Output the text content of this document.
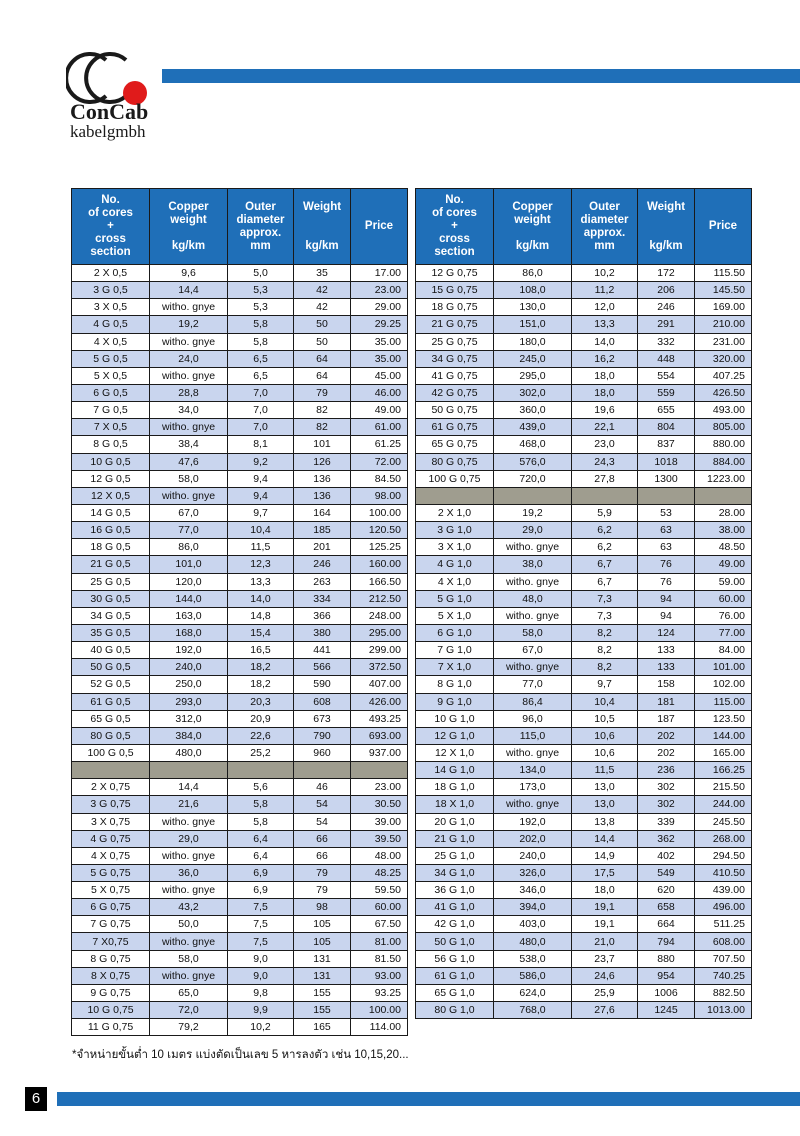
ConCab
kabelgmbh
No.
of cores
+
cross
section	Copper weight

kg/km	Outer
diameter
approx.
mm	Weight

kg/km	Price
2 X 0,5	9,6	5,0	35	17.00
3 G 0,5	14,4	5,3	42	23.00
3 X 0,5	witho. gnye	5,3	42	29.00
4 G 0,5	19,2	5,8	50	29.25
4 X 0,5	witho. gnye	5,8	50	35.00
5 G 0,5	24,0	6,5	64	35.00
5 X 0,5	witho. gnye	6,5	64	45.00
6 G 0,5	28,8	7,0	79	46.00
7 G 0,5	34,0	7,0	82	49.00
7 X 0,5	witho. gnye	7,0	82	61.00
8 G 0,5	38,4	8,1	101	61.25
10 G 0,5	47,6	9,2	126	72.00
12 G 0,5	58,0	9,4	136	84.50
12 X 0,5	witho. gnye	9,4	136	98.00
14 G 0,5	67,0	9,7	164	100.00
16 G 0,5	77,0	10,4	185	120.50
18 G 0,5	86,0	11,5	201	125.25
21 G 0,5	101,0	12,3	246	160.00
25 G 0,5	120,0	13,3	263	166.50
30 G 0,5	144,0	14,0	334	212.50
34 G 0,5	163,0	14,8	366	248.00
35 G 0,5	168,0	15,4	380	295.00
40 G 0,5	192,0	16,5	441	299.00
50 G 0,5	240,0	18,2	566	372.50
52 G 0,5	250,0	18,2	590	407.00
61 G 0,5	293,0	20,3	608	426.00
65 G 0,5	312,0	20,9	673	493.25
80 G 0,5	384,0	22,6	790	693.00
100 G 0,5	480,0	25,2	960	937.00

2 X 0,75	14,4	5,6	46	23.00
3 G 0,75	21,6	5,8	54	30.50
3 X 0,75	witho. gnye	5,8	54	39.00
4 G 0,75	29,0	6,4	66	39.50
4 X 0,75	witho. gnye	6,4	66	48.00
5 G 0,75	36,0	6,9	79	48.25
5 X 0,75	witho. gnye	6,9	79	59.50
6 G 0,75	43,2	7,5	98	60.00
7 G 0,75	50,0	7,5	105	67.50
7 X0,75	witho. gnye	7,5	105	81.00
8 G 0,75	58,0	9,0	131	81.50
8 X 0,75	witho. gnye	9,0	131	93.00
9 G 0,75	65,0	9,8	155	93.25
10 G 0,75	72,0	9,9	155	100.00
11 G 0,75	79,2	10,2	165	114.00
No.
of cores
+
cross
section	Copper weight

kg/km	Outer
diameter
approx.
mm	Weight

kg/km	Price
12 G 0,75	86,0	10,2	172	115.50
15 G 0,75	108,0	11,2	206	145.50
18 G 0,75	130,0	12,0	246	169.00
21 G 0,75	151,0	13,3	291	210.00
25 G 0,75	180,0	14,0	332	231.00
34 G 0,75	245,0	16,2	448	320.00
41 G 0,75	295,0	18,0	554	407.25
42 G 0,75	302,0	18,0	559	426.50
50 G 0,75	360,0	19,6	655	493.00
61 G 0,75	439,0	22,1	804	805.00
65 G 0,75	468,0	23,0	837	880.00
80 G 0,75	576,0	24,3	1018	884.00
100 G 0,75	720,0	27,8	1300	1223.00

2 X 1,0	19,2	5,9	53	28.00
3 G 1,0	29,0	6,2	63	38.00
3 X 1,0	witho. gnye	6,2	63	48.50
4 G 1,0	38,0	6,7	76	49.00
4 X 1,0	witho. gnye	6,7	76	59.00
5 G 1,0	48,0	7,3	94	60.00
5 X 1,0	witho. gnye	7,3	94	76.00
6 G 1,0	58,0	8,2	124	77.00
7 G 1,0	67,0	8,2	133	84.00
7 X 1,0	witho. gnye	8,2	133	101.00
8 G 1,0	77,0	9,7	158	102.00
9 G 1,0	86,4	10,4	181	115.00
10 G 1,0	96,0	10,5	187	123.50
12 G 1,0	115,0	10,6	202	144.00
12 X 1,0	witho. gnye	10,6	202	165.00
14 G 1,0	134,0	11,5	236	166.25
18 G 1,0	173,0	13,0	302	215.50
18 X 1,0	witho. gnye	13,0	302	244.00
20 G 1,0	192,0	13,8	339	245.50
21 G 1,0	202,0	14,4	362	268.00
25 G 1,0	240,0	14,9	402	294.50
34 G 1,0	326,0	17,5	549	410.50
36 G 1,0	346,0	18,0	620	439.00
41 G 1,0	394,0	19,1	658	496.00
42 G 1,0	403,0	19,1	664	511.25
50 G 1,0	480,0	21,0	794	608.00
56 G 1,0	538,0	23,7	880	707.50
61 G 1,0	586,0	24,6	954	740.25
65 G 1,0	624,0	25,9	1006	882.50
80 G 1,0	768,0	27,6	1245	1013.00
*จำหน่ายขั้นต่ำ 10 เมตร แบ่งตัดเป็นเลข 5 หารลงตัว เช่น 10,15,20...
6
